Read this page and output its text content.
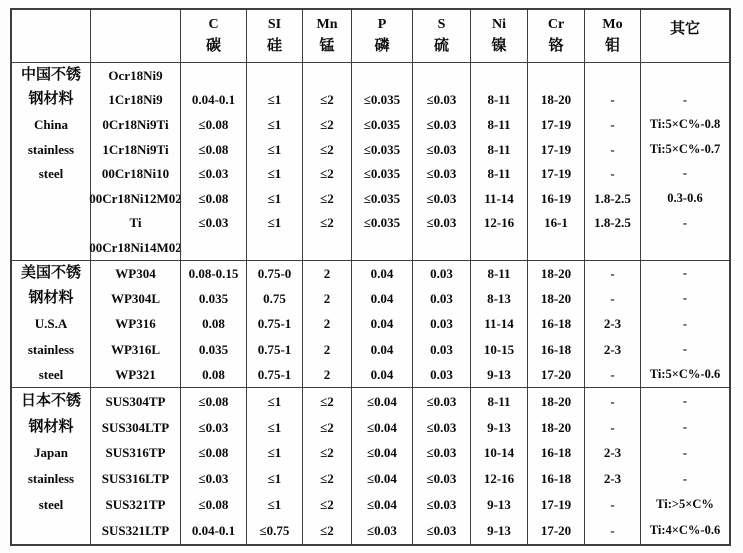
C
碳
SI
硅
Mn
锰
P
磷
S
硫
Ni
镍
Cr
铬
Mo
钼
其它
中国不锈
钢材料
China
stainless
steel
Ocr18Ni9
1Cr18Ni9
0Cr18Ni9Ti
1Cr18Ni9Ti
00Cr18Ni10
00Cr18Ni12M02
Ti
00Cr18Ni14M02
0.04-0.1
≤0.08
≤0.08
≤0.03
≤0.08
≤0.03
≤1
≤1
≤1
≤1
≤1
≤1
≤2
≤2
≤2
≤2
≤2
≤2
≤0.035
≤0.035
≤0.035
≤0.035
≤0.035
≤0.035
≤0.03
≤0.03
≤0.03
≤0.03
≤0.03
≤0.03
8-11
8-11
8-11
8-11
11-14
12-16
18-20
17-19
17-19
17-19
16-19
16-1
-
-
-
-
1.8-2.5
1.8-2.5
-
Ti:5×C%-0.8
Ti:5×C%-0.7
-
0.3-0.6
-
美国不锈
钢材料
U.S.A
stainless
steel
WP304
WP304L
WP316
WP316L
WP321
0.08-0.15
0.035
0.08
0.035
0.08
0.75-0
0.75
0.75-1
0.75-1
0.75-1
2
2
2
2
2
0.04
0.04
0.04
0.04
0.04
0.03
0.03
0.03
0.03
0.03
8-11
8-13
11-14
10-15
9-13
18-20
18-20
16-18
16-18
17-20
-
-
2-3
2-3
-
-
-
-
-
Ti:5×C%-0.6
日本不锈
钢材料
Japan
stainless
steel
SUS304TP
SUS304LTP
SUS316TP
SUS316LTP
SUS321TP
SUS321LTP
≤0.08
≤0.03
≤0.08
≤0.03
≤0.08
0.04-0.1
≤1
≤1
≤1
≤1
≤1
≤0.75
≤2
≤2
≤2
≤2
≤2
≤2
≤0.04
≤0.04
≤0.04
≤0.04
≤0.04
≤0.03
≤0.03
≤0.03
≤0.03
≤0.03
≤0.03
≤0.03
8-11
9-13
10-14
12-16
9-13
9-13
18-20
18-20
16-18
16-18
17-19
17-20
-
-
2-3
2-3
-
-
-
-
-
-
Ti:>5×C%
Ti:4×C%-0.6
